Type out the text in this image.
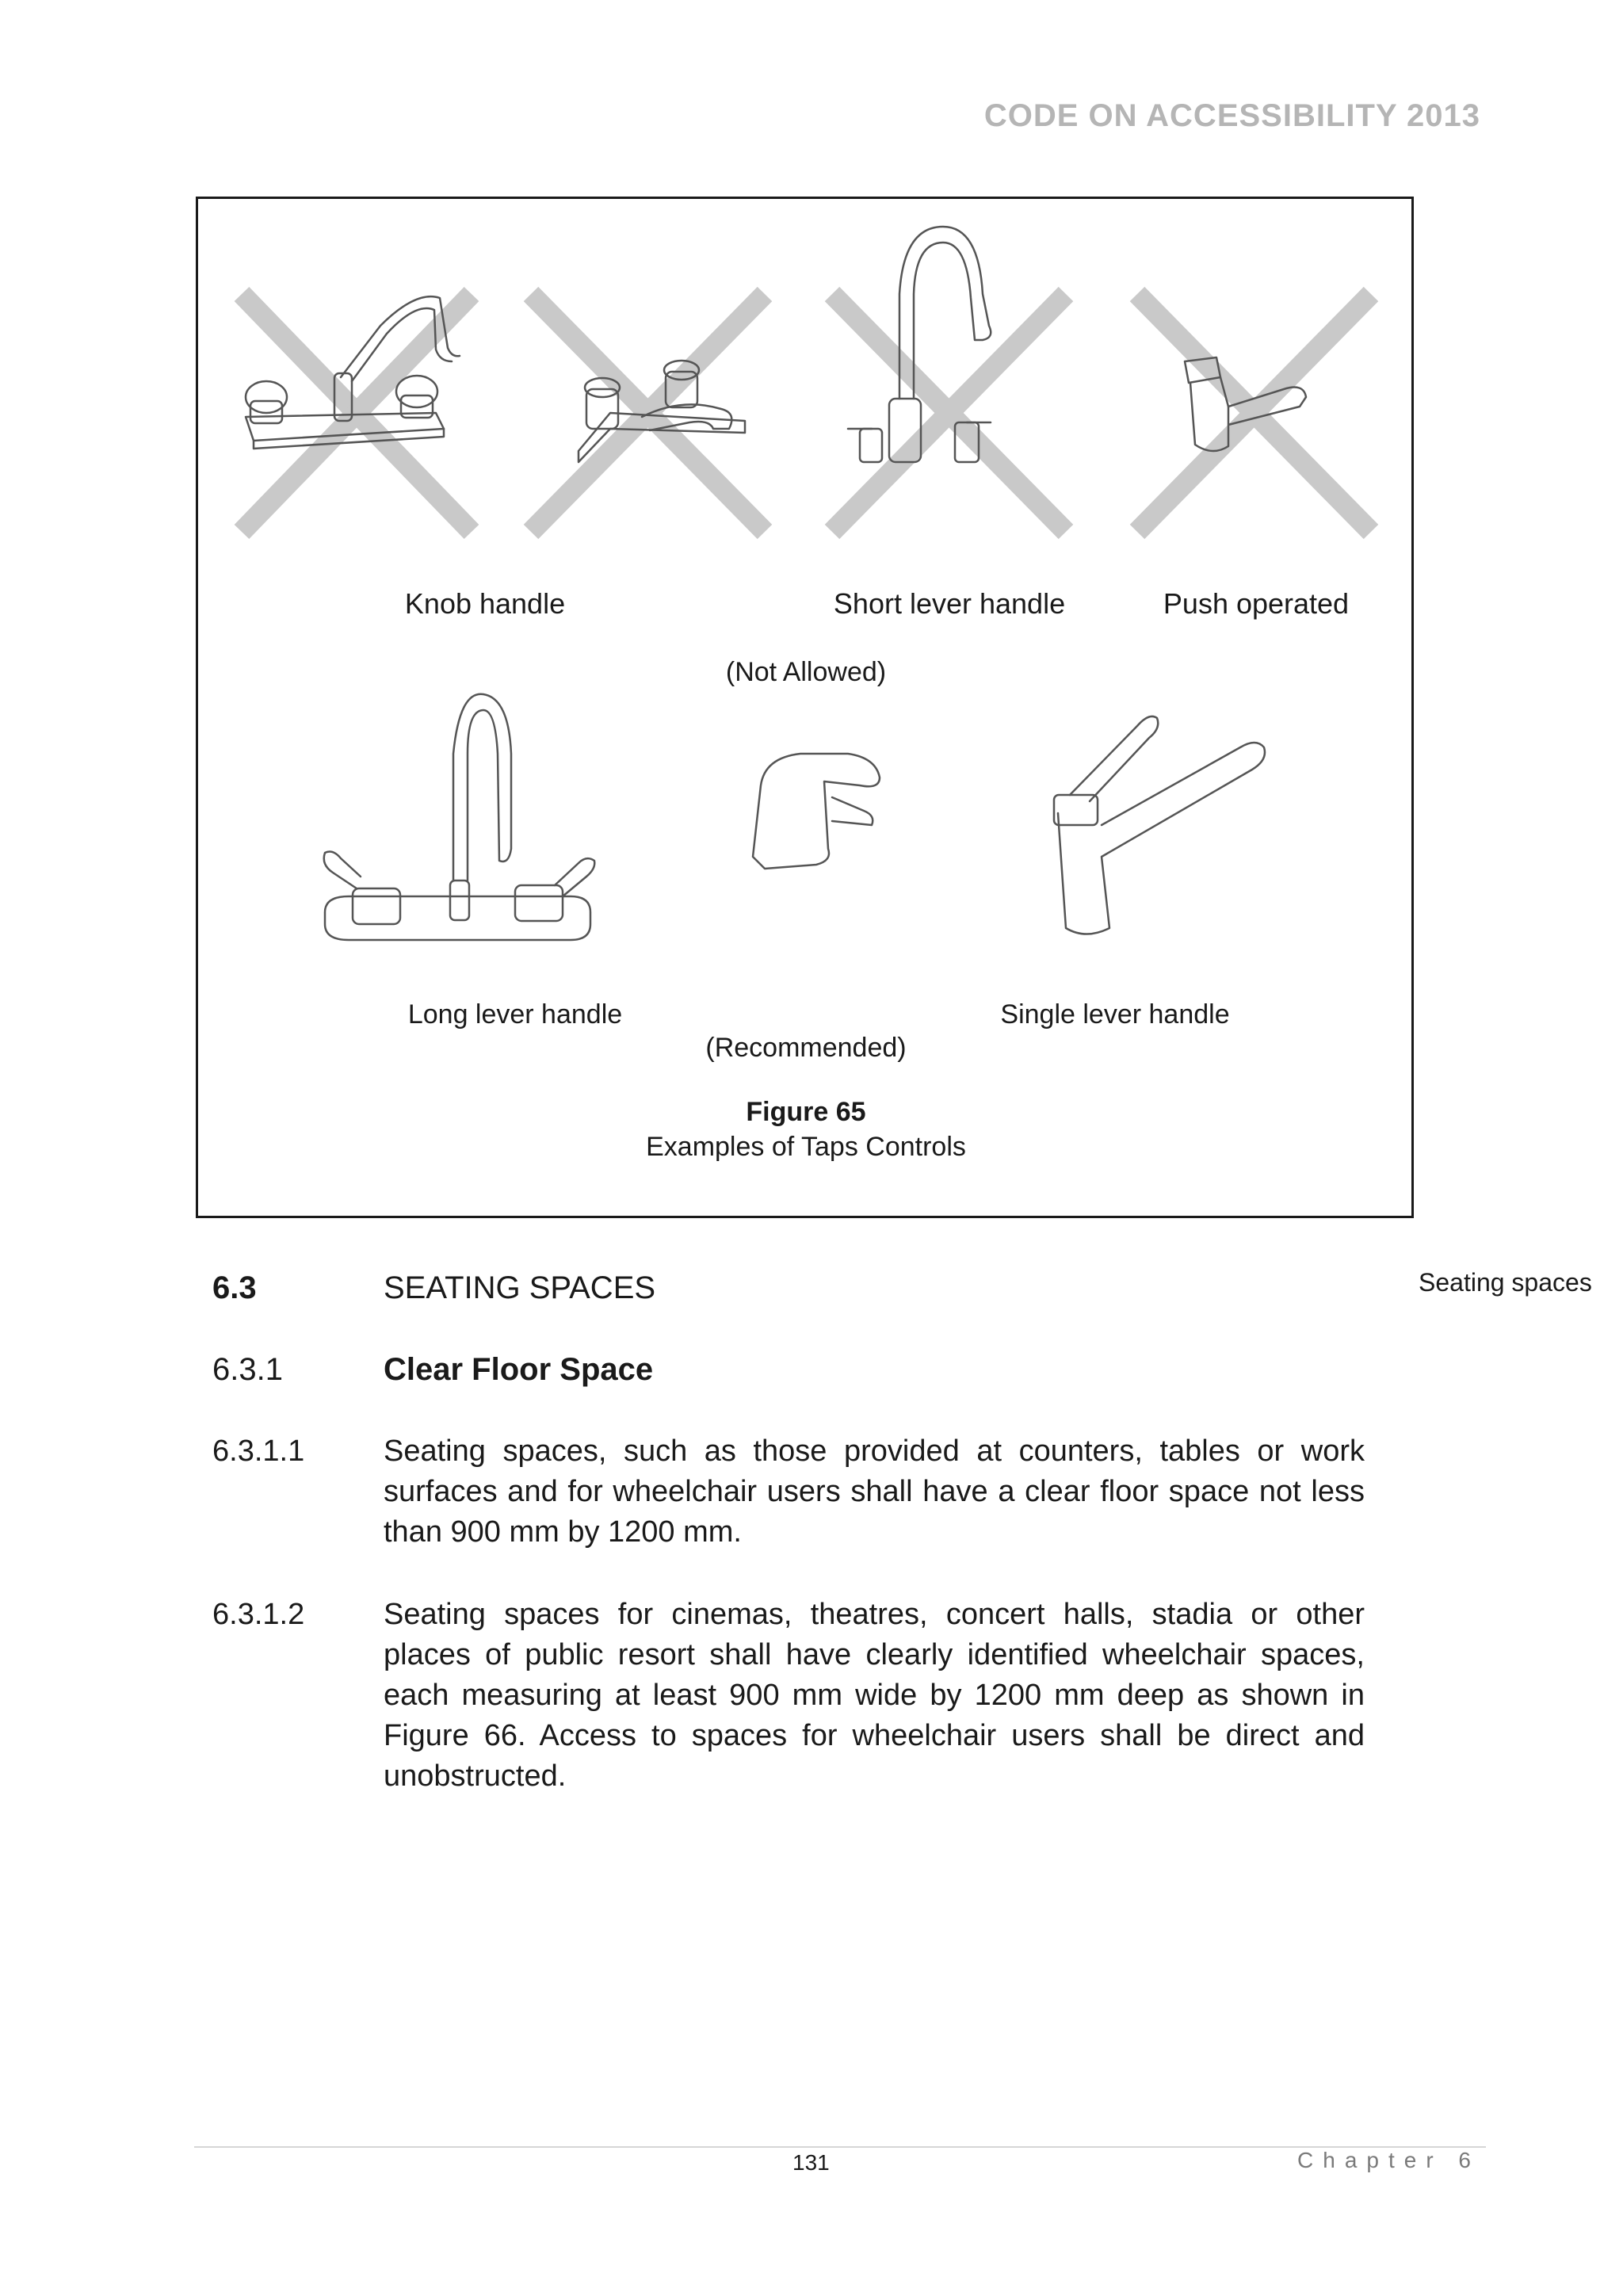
CODE ON ACCESSIBILITY 2013
Knob handle	Short lever handle	Push operated
(Not Allowed)
Long lever handle	Single lever handle
(Recommended)
Figure 65
Examples of Taps Controls
6.3	SEATING SPACES	Seating spaces
6.3.1	Clear Floor Space
6.3.1.1	Seating spaces, such as those provided at counters, tables or work surfaces and for wheelchair users shall have a clear floor space not less than 900 mm by 1200 mm.
6.3.1.2	Seating spaces for cinemas, theatres, concert halls, stadia or other places of public resort shall have clearly identified wheelchair spaces, each measuring at least 900 mm wide by 1200 mm deep as shown in Figure 66. Access to spaces for wheelchair users shall be direct and unobstructed.
131	Chapter 6
